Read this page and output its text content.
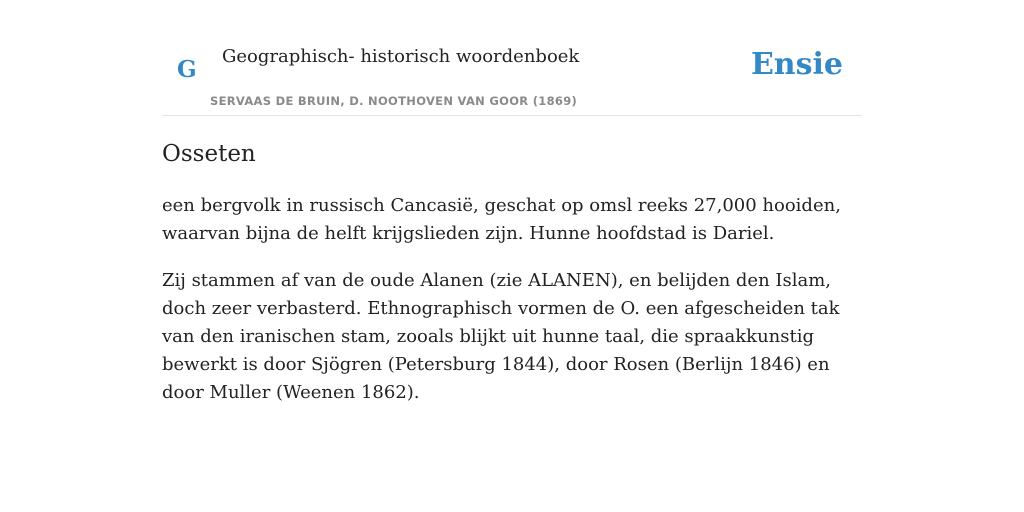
G Geographisch- historisch woordenboek
SERVAAS DE BRUIN, D. NOOTHOVEN VAN GOOR (1869)
Ensie
Osseten

een bergvolk in russisch Cancasië, geschat op omsl reeks 27,000 hooiden, waarvan bijna de helft krijgslieden zijn. Hunne hoofdstad is Dariel.

Zij stammen af van de oude Alanen (zie ALANEN), en belijden den Islam, doch zeer verbasterd. Ethnographisch vormen de O. een afgescheiden tak van den iranischen stam, zooals blijkt uit hunne taal, die spraakkunstig bewerkt is door Sjögren (Petersburg 1844), door Rosen (Berlijn 1846) en door Muller (Weenen 1862).
